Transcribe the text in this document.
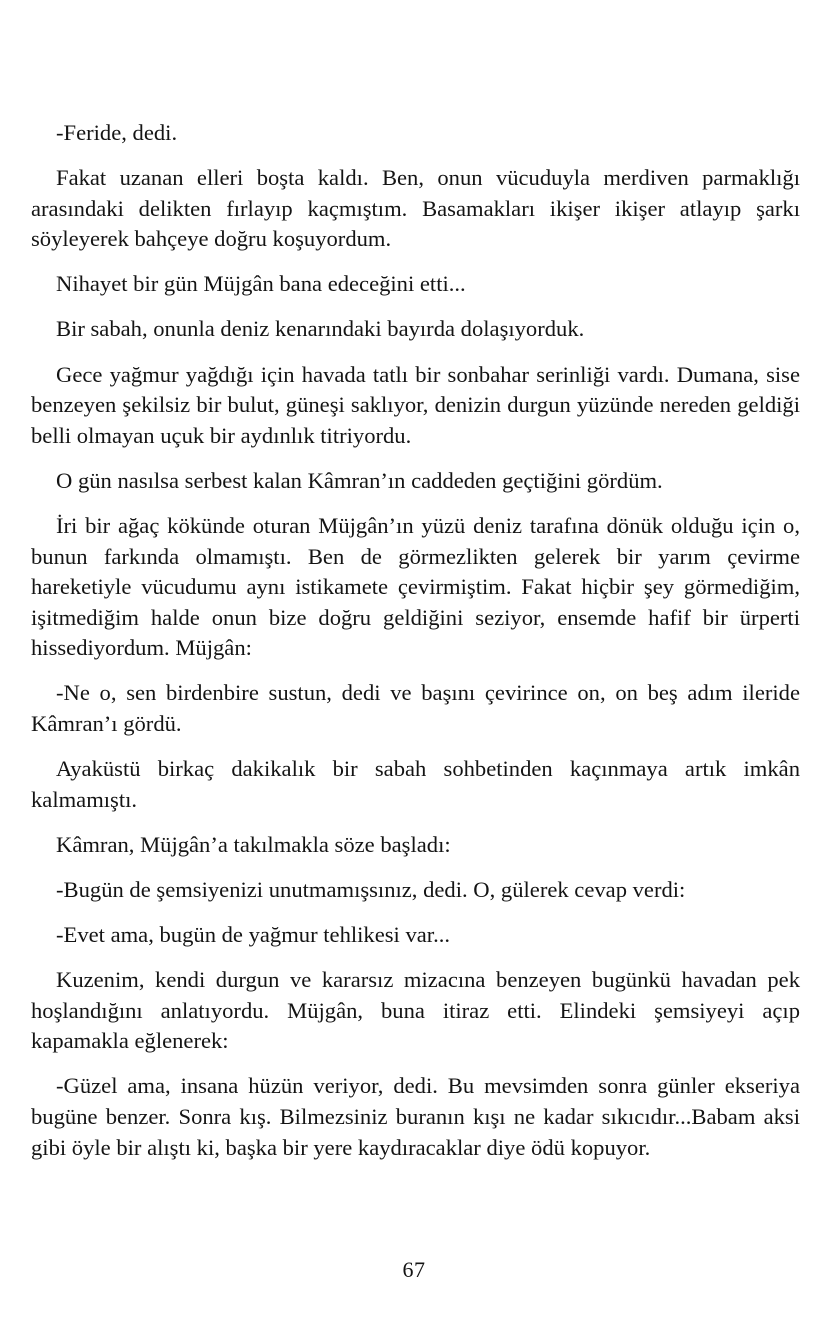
-Feride, dedi.

Fakat uzanan elleri boşta kaldı. Ben, onun vücuduyla merdiven parmaklığı arasındaki delikten fırlayıp kaçmıştım. Basamakları ikişer ikişer atlayıp şarkı söyleyerek bahçeye doğru koşuyordum.

Nihayet bir gün Müjgân bana edeceğini etti...

Bir sabah, onunla deniz kenarındaki bayırda dolaşıyorduk.

Gece yağmur yağdığı için havada tatlı bir sonbahar serinliği vardı. Dumana, sise benzeyen şekilsiz bir bulut, güneşi saklıyor, denizin durgun yüzünde nereden geldiği belli olmayan uçuk bir aydınlık titriyordu.

O gün nasılsa serbest kalan Kâmran’ın caddeden geçtiğini gördüm.

İri bir ağaç kökünde oturan Müjgân’ın yüzü deniz tarafına dönük olduğu için o, bunun farkında olmamıştı. Ben de görmezlikten gelerek bir yarım çevirme hareketiyle vücudumu aynı istikamete çevirmiştim. Fakat hiçbir şey görmediğim, işitmediğim halde onun bize doğru geldiğini seziyor, ensemde hafif bir ürperti hissediyordum. Müjgân:

-Ne o, sen birdenbire sustun, dedi ve başını çevirince on, on beş adım ileride Kâmran’ı gördü.

Ayaküstü birkaç dakikalık bir sabah sohbetinden kaçınmaya artık imkân kalmamıştı.

Kâmran, Müjgân’a takılmakla söze başladı:

-Bugün de şemsiyenizi unutmamışsınız, dedi. O, gülerek cevap verdi:

-Evet ama, bugün de yağmur tehlikesi var...

Kuzenim, kendi durgun ve kararsız mizacına benzeyen bugünkü havadan pek hoşlandığını anlatıyordu. Müjgân, buna itiraz etti. Elindeki şemsiyeyi açıp kapamakla eğlenerek:

-Güzel ama, insana hüzün veriyor, dedi. Bu mevsimden sonra günler ekseriya bugüne benzer. Sonra kış. Bilmezsiniz buranın kışı ne kadar sıkıcıdır...Babam aksi gibi öyle bir alıştı ki, başka bir yere kaydıracaklar diye ödü kopuyor.

67
